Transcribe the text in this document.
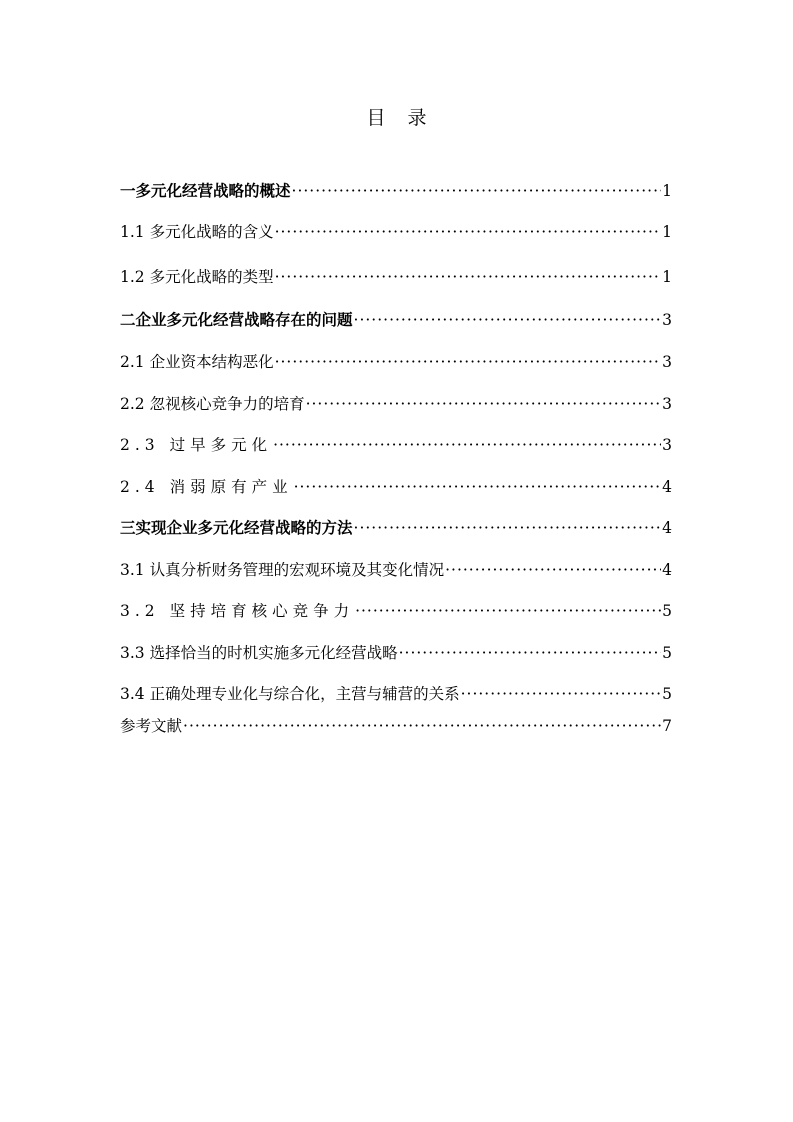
目 录
一多元化经营战略的概述 ·····	1
1.1 多元化战略的含义 ·····	1
1.2 多元化战略的类型 ·····	1
二企业多元化经营战略存在的问题 ·····	3
2.1 企业资本结构恶化 ·····	3
2.2 忽视核心竞争力的培育 ·····	3
2.3 过早多元化 ·····	3
2.4 消弱原有产业 ·····	4
三实现企业多元化经营战略的方法 ·····	4
3.1 认真分析财务管理的宏观环境及其变化情况 ·····	4
3.2 坚持培育核心竞争力 ·····	5
3.3 选择恰当的时机实施多元化经营战略 ·····	5
3.4 正确处理专业化与综合化，主营与辅营的关系 ·····	5
参考文献 ·····	7
